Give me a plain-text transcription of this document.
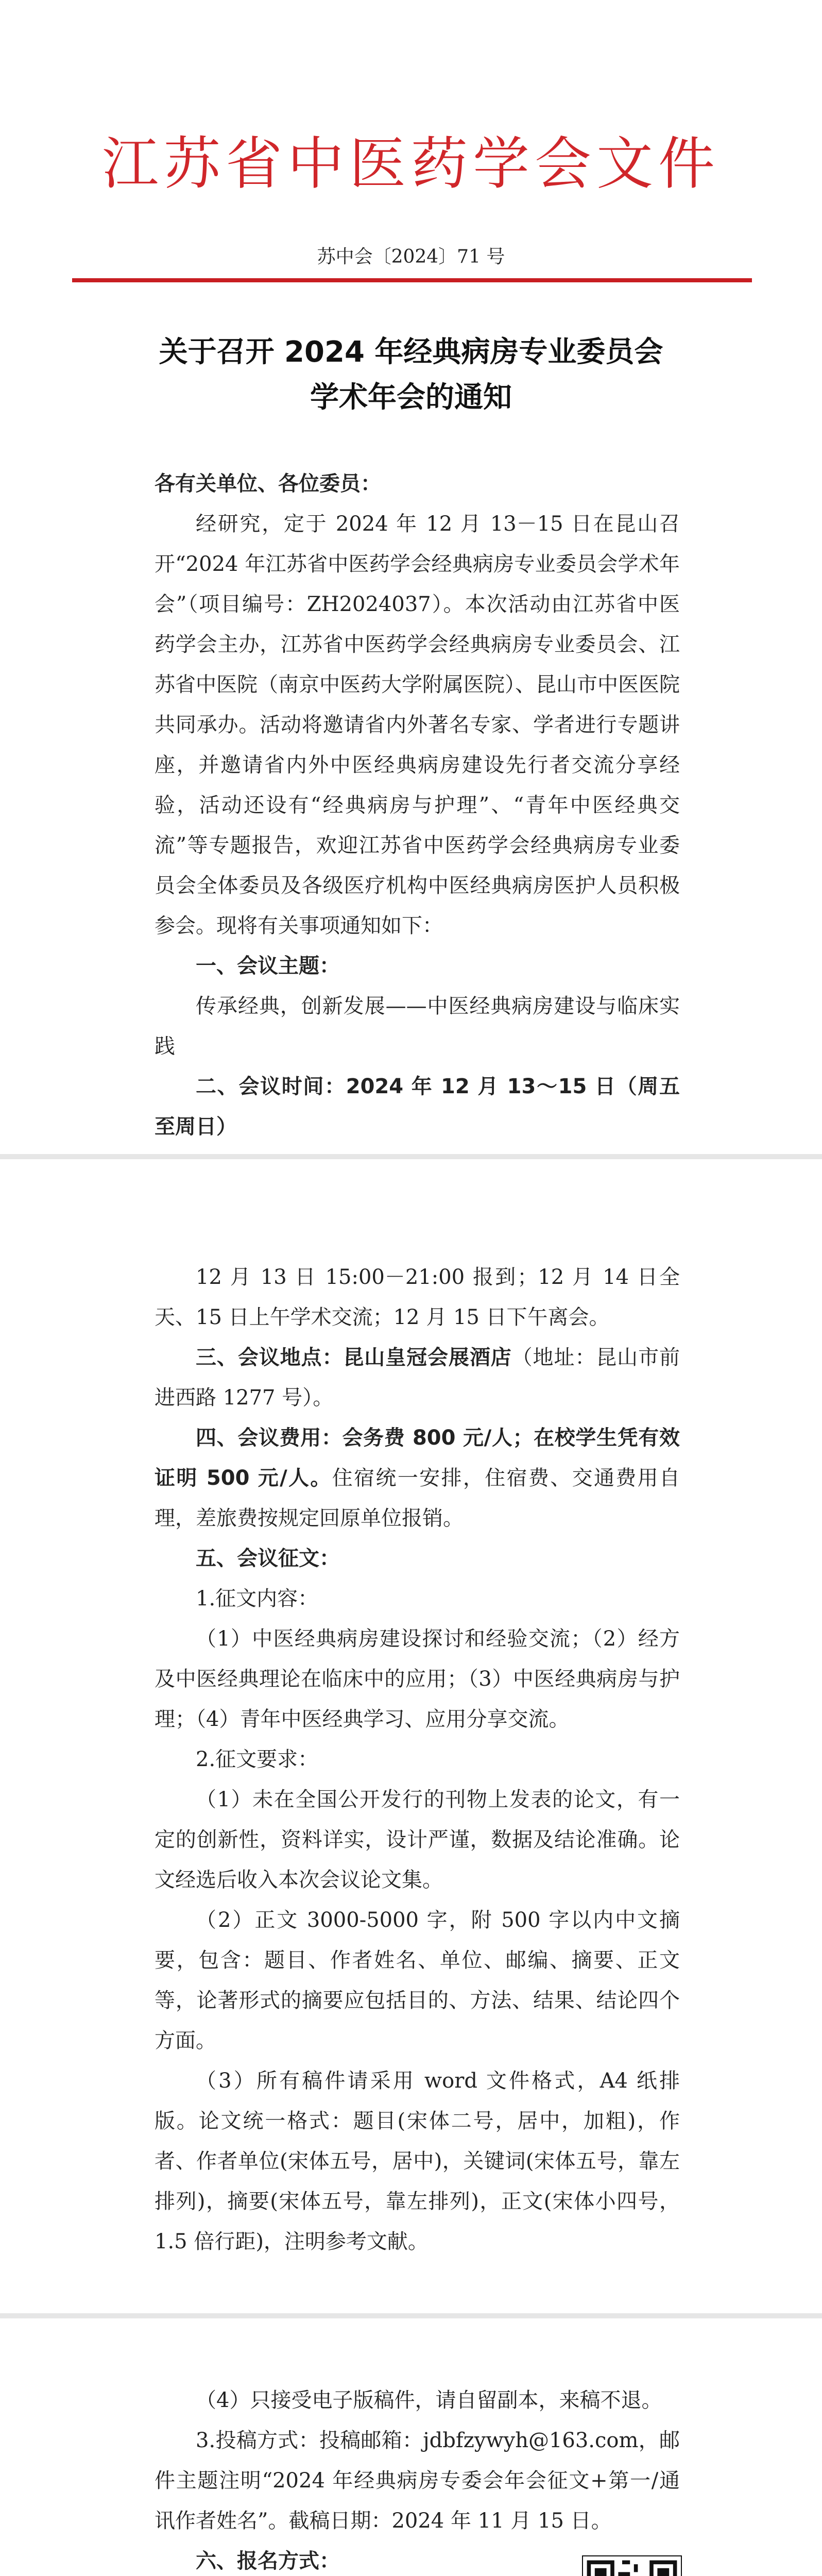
江苏省中医药学会文件
苏中会〔2024〕71 号
关于召开 2024 年经典病房专业委员会
学术年会的通知

各有关单位、各位委员：

经研究，定于 2024 年 12 月 13－15 日在昆山召开“2024 年江苏省中医药学会经典病房专业委员会学术年会”（项目编号：ZH2024037）。本次活动由江苏省中医药学会主办，江苏省中医药学会经典病房专业委员会、江苏省中医院（南京中医药大学附属医院）、昆山市中医医院共同承办。活动将邀请省内外著名专家、学者进行专题讲座，并邀请省内外中医经典病房建设先行者交流分享经验，活动还设有“经典病房与护理”、“青年中医经典交流”等专题报告，欢迎江苏省中医药学会经典病房专业委员会全体委员及各级医疗机构中医经典病房医护人员积极参会。现将有关事项通知如下：

一、会议主题：

传承经典，创新发展——中医经典病房建设与临床实践

二、会议时间：2024 年 12 月 13～15 日（周五至周日）

12 月 13 日 15:00－21:00 报到；12 月 14 日全天、15 日上午学术交流；12 月 15 日下午离会。

三、会议地点：昆山皇冠会展酒店（地址：昆山市前进西路 1277 号）。

四、会议费用：会务费 800 元/人；在校学生凭有效证明 500 元/人。住宿统一安排，住宿费、交通费用自理，差旅费按规定回原单位报销。

五、会议征文：

1.征文内容：

（1）中医经典病房建设探讨和经验交流；（2）经方及中医经典理论在临床中的应用；（3）中医经典病房与护理；（4）青年中医经典学习、应用分享交流。

2.征文要求：

（1）未在全国公开发行的刊物上发表的论文，有一定的创新性，资料详实，设计严谨，数据及结论准确。论文经选后收入本次会议论文集。

（2）正文 3000-5000 字，附 500 字以内中文摘要，包含：题目、作者姓名、单位、邮编、摘要、正文等，论著形式的摘要应包括目的、方法、结果、结论四个方面。

（3）所有稿件请采用 word 文件格式，A4 纸排版。论文统一格式：题目(宋体二号，居中，加粗)，作者、作者单位(宋体五号，居中)，关键词(宋体五号，靠左排列)，摘要(宋体五号，靠左排列)，正文(宋体小四号，1.5 倍行距)，注明参考文献。

（4）只接受电子版稿件，请自留副本，来稿不退。

3.投稿方式：投稿邮箱：jdbfzywyh@163.com，邮件主题注明“2024 年经典病房专委会年会征文+第一/通讯作者姓名”。截稿日期：2024 年 11 月 15 日。

六、报名方式：
